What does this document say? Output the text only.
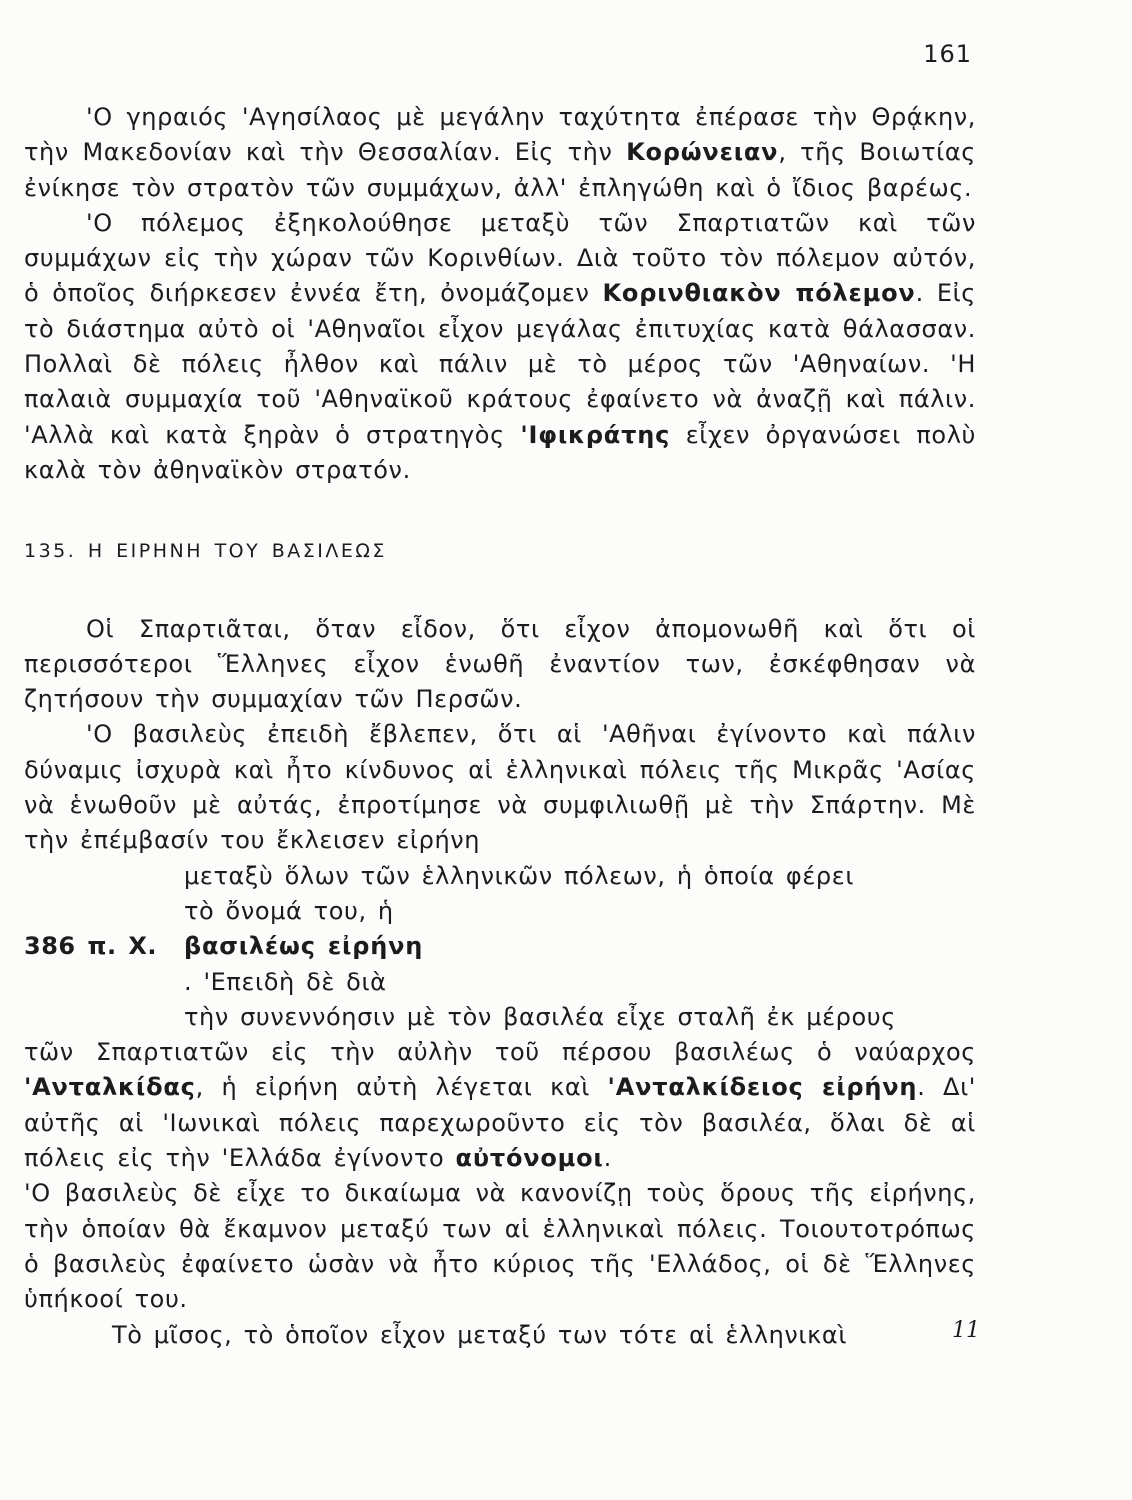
161

'Ο γηραιός 'Αγησίλαος μὲ μεγάλην ταχύτητα ἐπέρασε τὴν Θρᾴκην, τὴν Μακεδονίαν καὶ τὴν Θεσσαλίαν. Εἰς τὴν Κορώνειαν, τῆς Βοιωτίας ἐνίκησε τὸν στρατὸν τῶν συμμάχων, ἀλλ' ἐπληγώθη καὶ ὁ ἴδιος βαρέως.

'Ο πόλεμος ἐξηκολούθησε μεταξὺ τῶν Σπαρτιατῶν καὶ τῶν συμμάχων εἰς τὴν χώραν τῶν Κορινθίων. Διὰ τοῦτο τὸν πόλεμον αὐτόν, ὁ ὁποῖος διήρκεσεν ἐννέα ἔτη, ὀνομάζομεν Κορινθιακὸν πόλεμον. Εἰς τὸ διάστημα αὐτὸ οἱ 'Αθηναῖοι εἶχον μεγάλας ἐπιτυχίας κατὰ θάλασσαν. Πολλαὶ δὲ πόλεις ἦλθον καὶ πάλιν μὲ τὸ μέρος τῶν 'Αθηναίων. 'Η παλαιὰ συμμαχία τοῦ 'Αθηναϊκοῦ κράτους ἐφαίνετο νὰ ἀναζῇ καὶ πάλιν. 'Αλλὰ καὶ κατὰ ξηρὰν ὁ στρατηγὸς 'Ιφικράτης εἶχεν ὀργανώσει πολὺ καλὰ τὸν ἀθηναϊκὸν στρατόν.

135. Η ΕΙΡΗΝΗ ΤΟΥ ΒΑΣΙΛΕΩΣ

Οἱ Σπαρτιᾶται, ὅταν εἶδον, ὅτι εἶχον ἀπομονωθῆ καὶ ὅτι οἱ περισσότεροι Ἕλληνες εἶχον ἑνωθῆ ἐναντίον των, ἐσκέφθησαν νὰ ζητήσουν τὴν συμμαχίαν τῶν Περσῶν.

'Ο βασιλεὺς ἐπειδὴ ἔβλεπεν, ὅτι αἱ 'Αθῆναι ἐγίνοντο καὶ πάλιν δύναμις ἰσχυρὰ καὶ ἦτο κίνδυνος αἱ ἑλληνικαὶ πόλεις τῆς Μικρᾶς 'Ασίας νὰ ἑνωθοῦν μὲ αὐτάς, ἐπροτίμησε νὰ συμφιλιωθῇ μὲ τὴν Σπάρτην. Μὲ τὴν ἐπέμβασίν του ἔκλεισεν εἰρήνη

386 π. Χ.
μεταξὺ ὅλων τῶν ἑλληνικῶν πόλεων, ἡ ὁποία φέρει
τὸ ὄνομά του, ἡ
βασιλέως εἰρήνη
. 'Επειδὴ δὲ διὰ
τὴν συνεννόησιν μὲ τὸν βασιλέα εἶχε σταλῆ ἐκ μέρους

τῶν Σπαρτιατῶν εἰς τὴν αὐλὴν τοῦ πέρσου βασιλέως ὁ ναύαρχος 'Ανταλκίδας, ἡ εἰρήνη αὐτὴ λέγεται καὶ 'Ανταλκίδειος εἰρήνη. Δι' αὐτῆς αἱ 'Ιωνικαὶ πόλεις παρεχωροῦντο εἰς τὸν βασιλέα, ὅλαι δὲ αἱ πόλεις εἰς τὴν 'Ελλάδα ἐγίνοντο αὐτόνομοι.

'Ο βασιλεὺς δὲ εἶχε το δικαίωμα νὰ κανονίζῃ τοὺς ὅρους τῆς εἰρήνης, τὴν ὁποίαν θὰ ἔκαμνον μεταξύ των αἱ ἑλληνικαὶ πόλεις. Τοιουτοτρόπως ὁ βασιλεὺς ἐφαίνετο ὡσὰν νὰ ἦτο κύριος τῆς 'Ελλάδος, οἱ δὲ Ἕλληνες ὑπήκοοί του.

Τὸ μῖσος, τὸ ὁποῖον εἶχον μεταξύ των τότε αἱ ἑλληνικαὶ	11
